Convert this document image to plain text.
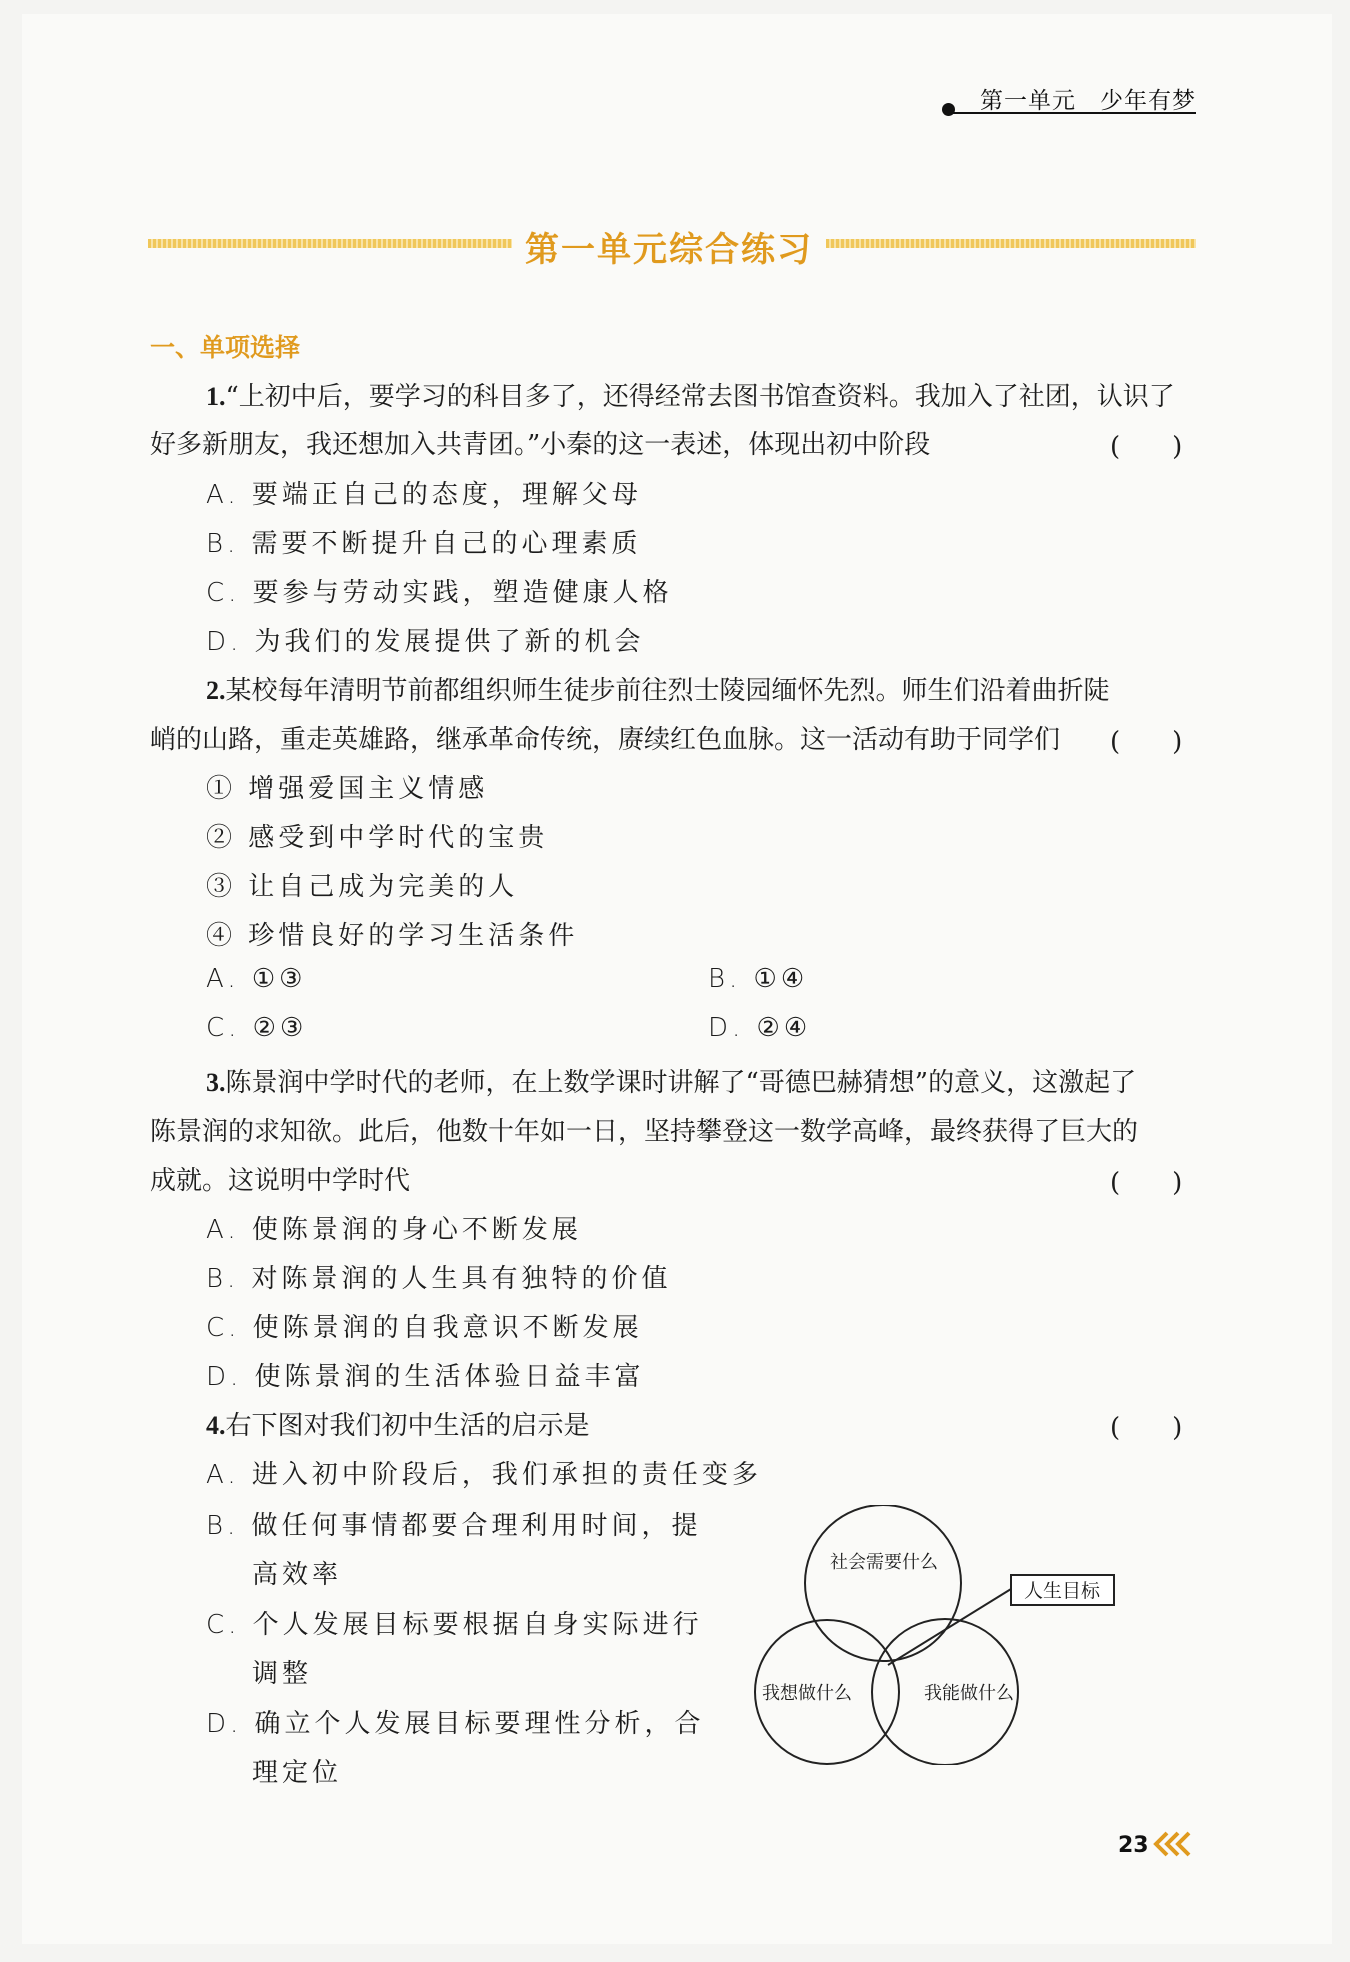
第一单元　少年有梦
第一单元综合练习
一、单项选择
1.“上初中后，要学习的科目多了，还得经常去图书馆查资料。我加入了社团，认识了
好多新朋友，我还想加入共青团。”小秦的这一表述，体现出初中阶段	(　　)
A. 要端正自己的态度，理解父母
B. 需要不断提升自己的心理素质
C. 要参与劳动实践，塑造健康人格
D. 为我们的发展提供了新的机会
2.某校每年清明节前都组织师生徒步前往烈士陵园缅怀先烈。师生们沿着曲折陡
峭的山路，重走英雄路，继承革命传统，赓续红色血脉。这一活动有助于同学们 (　　)
① 增强爱国主义情感
② 感受到中学时代的宝贵
③ 让自己成为完美的人
④ 珍惜良好的学习生活条件
A. ①③	B. ①④
C. ②③	D. ②④
3.陈景润中学时代的老师，在上数学课时讲解了“哥德巴赫猜想”的意义，这激起了
陈景润的求知欲。此后，他数十年如一日，坚持攀登这一数学高峰，最终获得了巨大的
成就。这说明中学时代	(　　)
A. 使陈景润的身心不断发展
B. 对陈景润的人生具有独特的价值
C. 使陈景润的自我意识不断发展
D. 使陈景润的生活体验日益丰富
4.右下图对我们初中生活的启示是	(　　)
A. 进入初中阶段后，我们承担的责任变多
B. 做任何事情都要合理利用时间，提
高效率
C. 个人发展目标要根据自身实际进行
调整
D. 确立个人发展目标要理性分析，合
理定位
人生目标
社会需要什么
我想做什么	我能做什么
23
